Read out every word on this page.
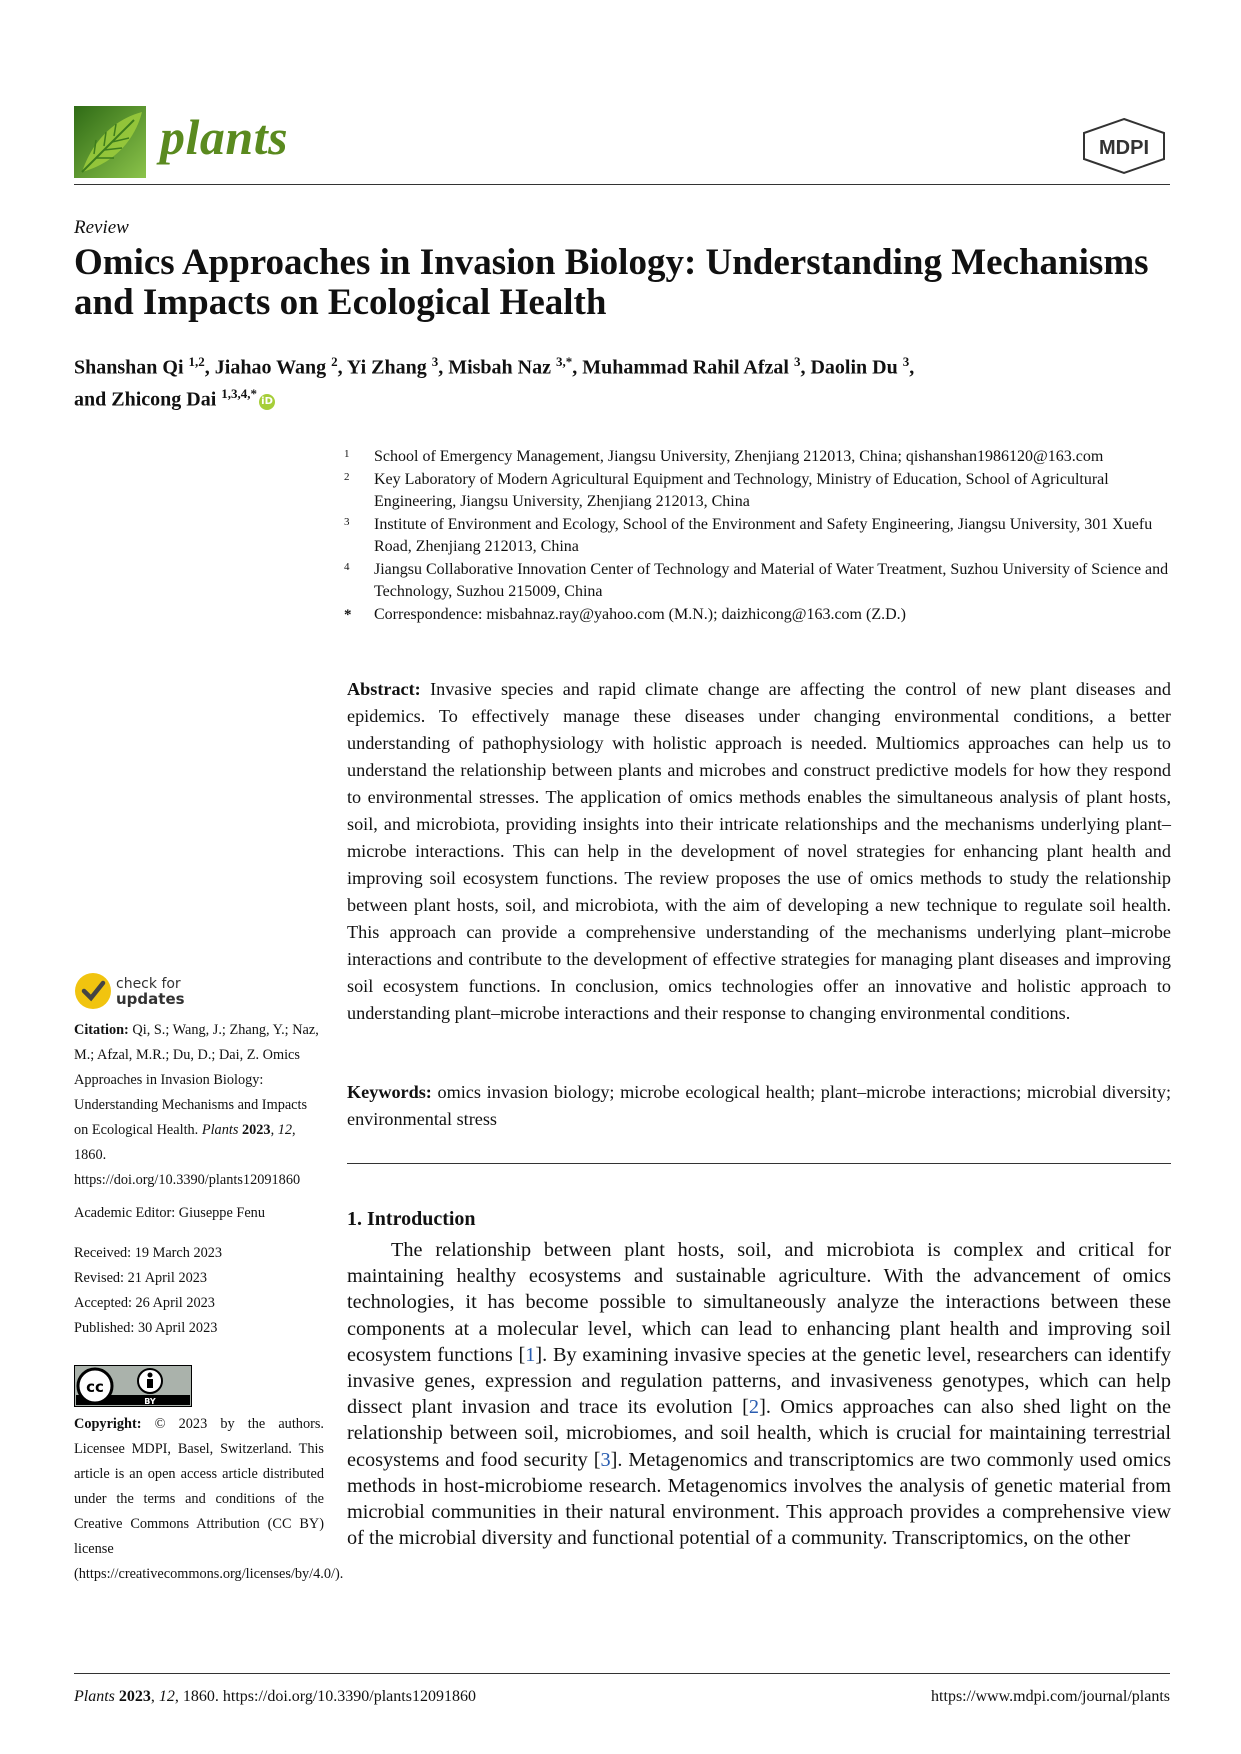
plants	MDPI
Review
Omics Approaches in Invasion Biology: Understanding Mechanisms and Impacts on Ecological Health
Shanshan Qi $^{1,2}$, Jiahao Wang $^2$, Yi Zhang $^3$, Misbah Naz $^{3,*}$, Muhammad Rahil Afzal $^3$, Daolin Du $^3$,
and Zhicong Dai $^{1,3,4,*}$iD
1 School of Emergency Management, Jiangsu University, Zhenjiang 212013, China; qishanshan1986120@163.com
2 Key Laboratory of Modern Agricultural Equipment and Technology, Ministry of Education, School of Agricultural Engineering, Jiangsu University, Zhenjiang 212013, China
3 Institute of Environment and Ecology, School of the Environment and Safety Engineering, Jiangsu University, 301 Xuefu Road, Zhenjiang 212013, China
4 Jiangsu Collaborative Innovation Center of Technology and Material of Water Treatment, Suzhou University of Science and Technology, Suzhou 215009, China
* Correspondence: misbahnaz.ray@yahoo.com (M.N.); daizhicong@163.com (Z.D.)
Abstract: Invasive species and rapid climate change are affecting the control of new plant diseases and epidemics. To effectively manage these diseases under changing environmental conditions, a better understanding of pathophysiology with holistic approach is needed. Multiomics approaches can help us to understand the relationship between plants and microbes and construct predictive models for how they respond to environmental stresses. The application of omics methods enables the simultaneous analysis of plant hosts, soil, and microbiota, providing insights into their intricate relationships and the mechanisms underlying plant–microbe interactions. This can help in the development of novel strategies for enhancing plant health and improving soil ecosystem functions. The review proposes the use of omics methods to study the relationship between plant hosts, soil, and microbiota, with the aim of developing a new technique to regulate soil health. This approach can provide a comprehensive understanding of the mechanisms underlying plant–microbe interactions and contribute to the development of effective strategies for managing plant diseases and improving soil ecosystem functions. In conclusion, omics technologies offer an innovative and holistic approach to understanding plant–microbe interactions and their response to changing environmental conditions.
Keywords: omics invasion biology; microbe ecological health; plant–microbe interactions; microbial diversity; environmental stress
1. Introduction
The relationship between plant hosts, soil, and microbiota is complex and critical for maintaining healthy ecosystems and sustainable agriculture. With the advancement of omics technologies, it has become possible to simultaneously analyze the interactions between these components at a molecular level, which can lead to enhancing plant health and improving soil ecosystem functions [1]. By examining invasive species at the genetic level, researchers can identify invasive genes, expression and regulation patterns, and invasiveness genotypes, which can help dissect plant invasion and trace its evolution [2]. Omics approaches can also shed light on the relationship between soil, microbiomes, and soil health, which is crucial for maintaining terrestrial ecosystems and food security [3]. Metagenomics and transcriptomics are two commonly used omics methods in host-microbiome research. Metagenomics involves the analysis of genetic material from microbial communities in their natural environment. This approach provides a comprehensive view of the microbial diversity and functional potential of a community. Transcriptomics, on the other
check for
updates
Citation: Qi, S.; Wang, J.; Zhang, Y.; Naz, M.; Afzal, M.R.; Du, D.; Dai, Z. Omics Approaches in Invasion Biology: Understanding Mechanisms and Impacts on Ecological Health. Plants 2023, 12, 1860. https://doi.org/10.3390/plants12091860
Academic Editor: Giuseppe Fenu
Received: 19 March 2023
Revised: 21 April 2023
Accepted: 26 April 2023
Published: 30 April 2023
cc
BY
Copyright: © 2023 by the authors. Licensee MDPI, Basel, Switzerland. This article is an open access article distributed under the terms and conditions of the Creative Commons Attribution (CC BY) license (https://creativecommons.org/licenses/by/4.0/).
Plants 2023, 12, 1860. https://doi.org/10.3390/plants12091860	https://www.mdpi.com/journal/plants
